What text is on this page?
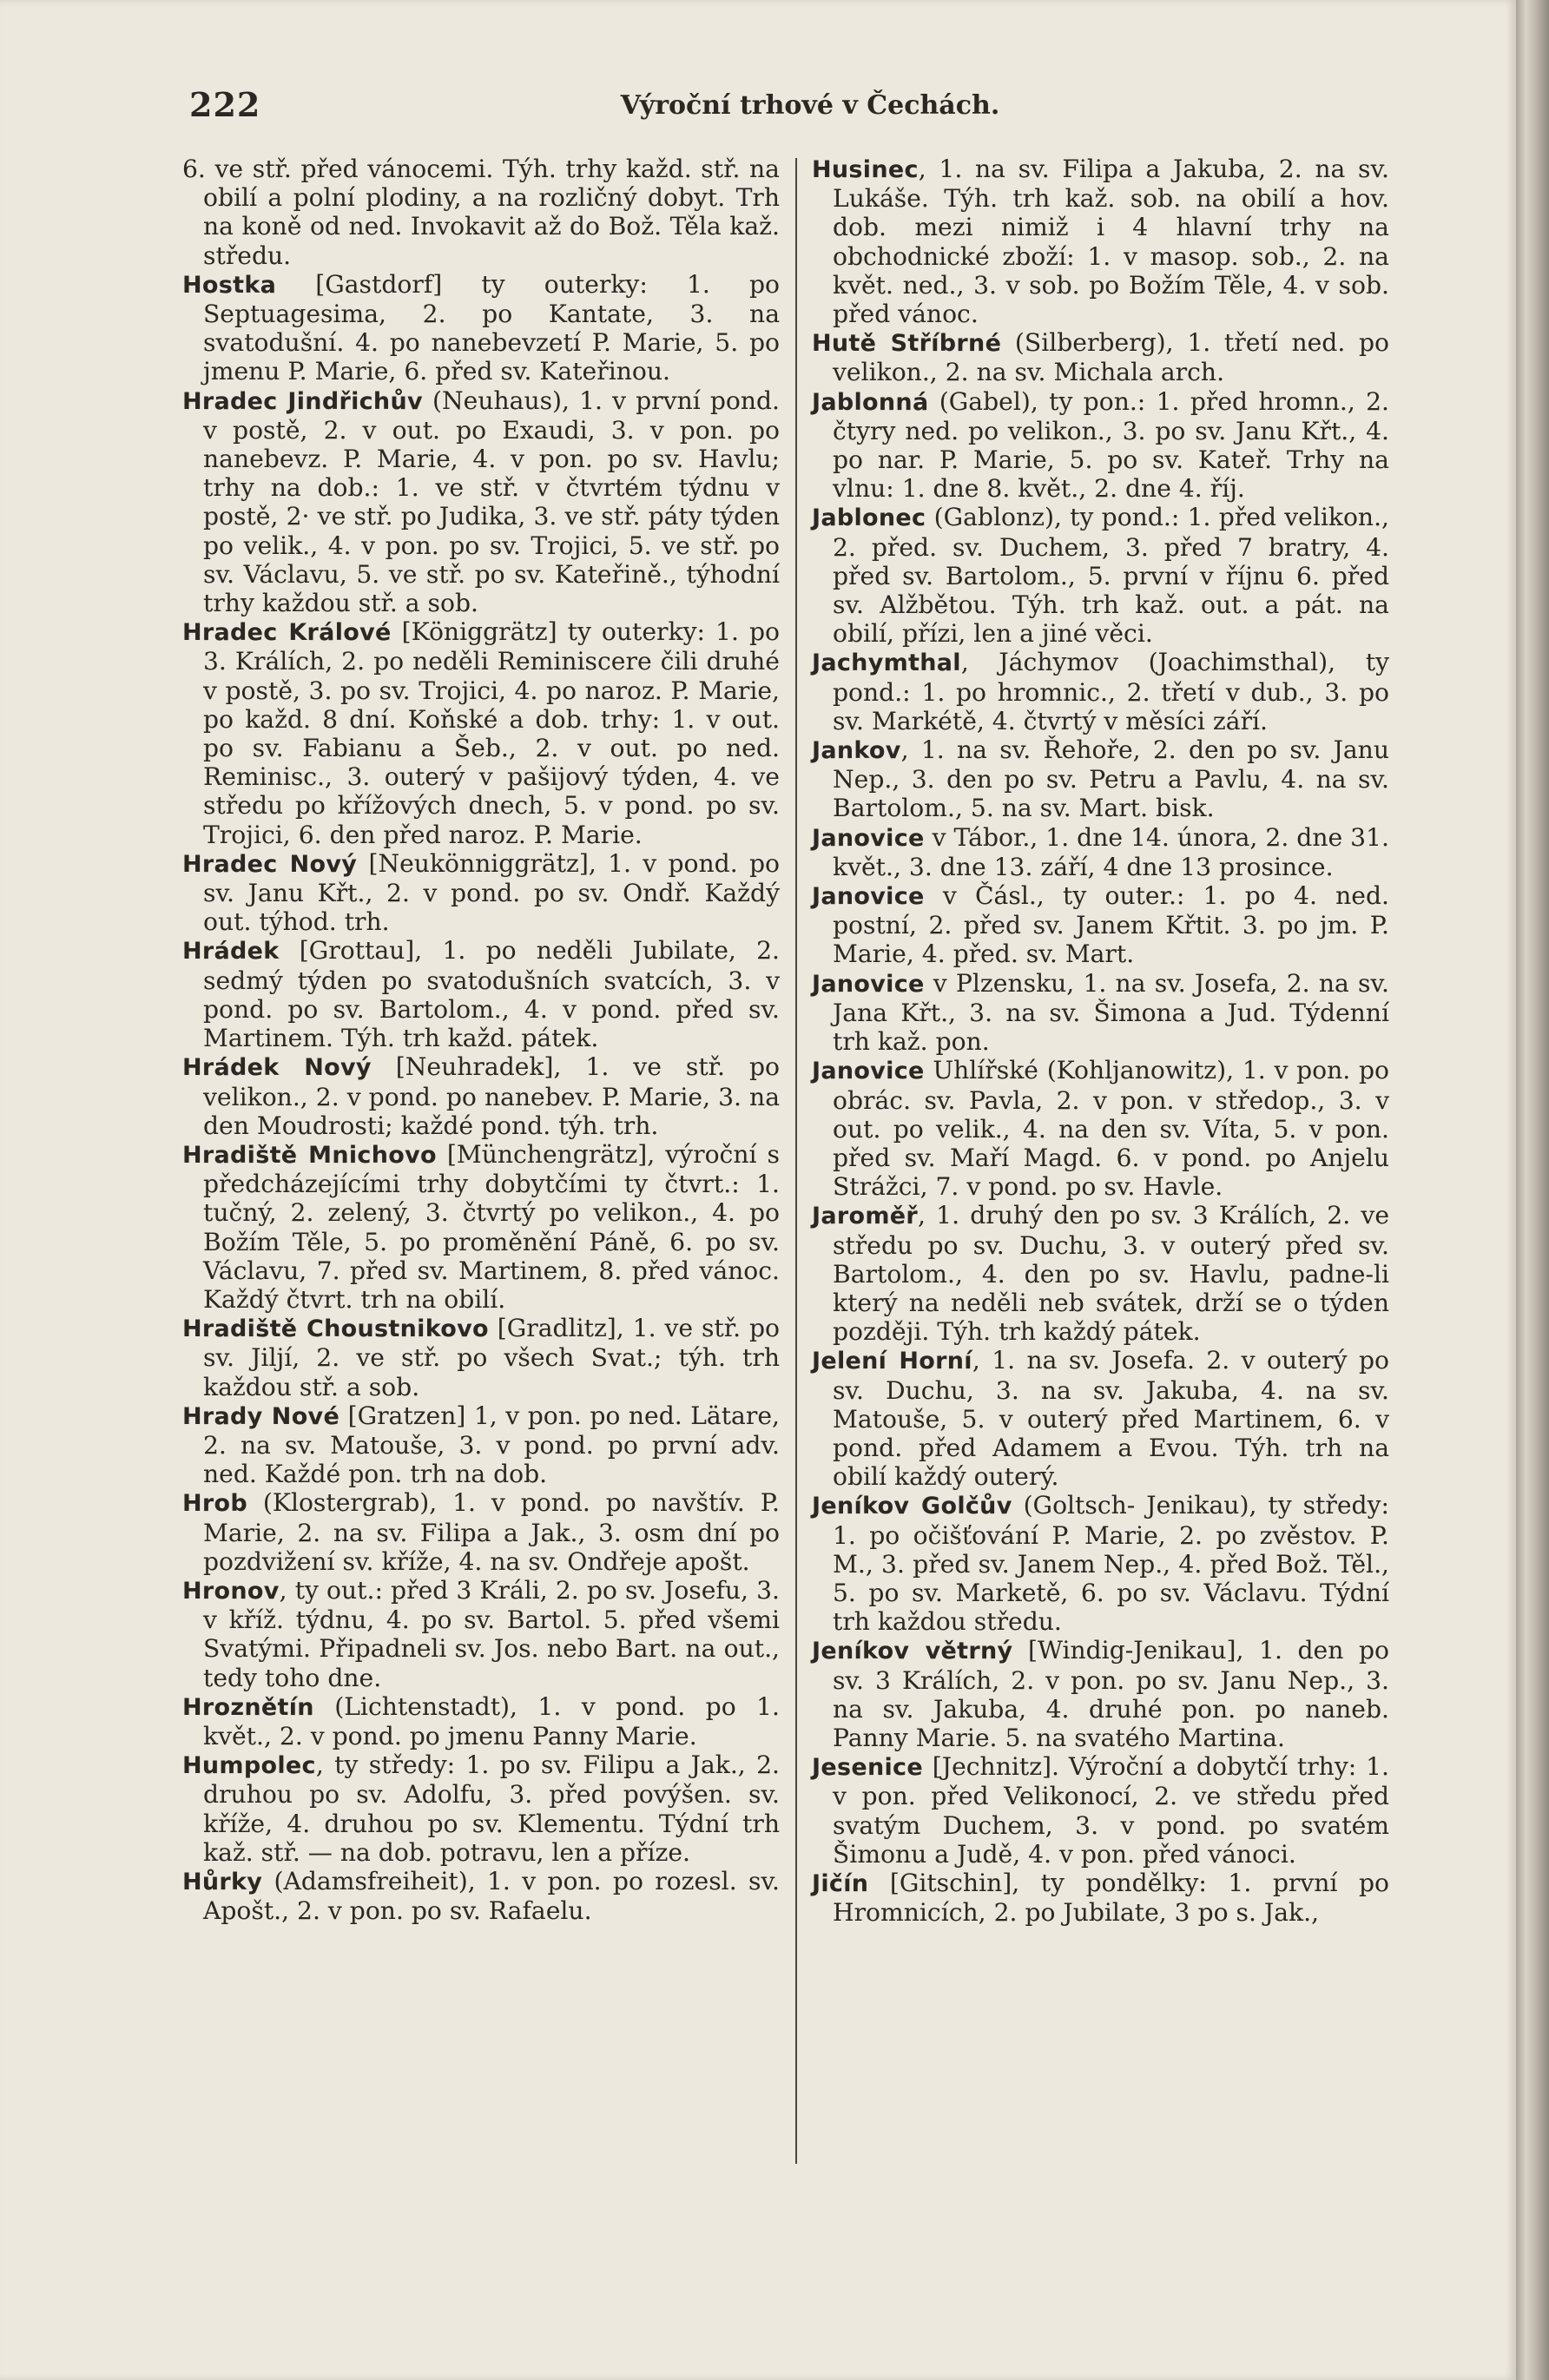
222	Výroční trhové v Čechách.

6. ve stř. před vánocemi. Týh. trhy každ. stř. na obilí a polní plodiny, a na rozličný dobyt. Trh na koně od ned. Invokavit až do Bož. Těla kaž. středu.

Hostka [Gastdorf] ty outerky: 1. po Septuagesima, 2. po Kantate, 3. na svatodušní. 4. po nanebevzetí P. Marie, 5. po jmenu P. Marie, 6. před sv. Kateřinou.

Hradec Jindřichův (Neuhaus), 1. v první pond. v postě, 2. v out. po Exaudi, 3. v pon. po nanebevz. P. Marie, 4. v pon. po sv. Havlu; trhy na dob.: 1. ve stř. v čtvrtém týdnu v postě, 2· ve stř. po Judika, 3. ve stř. páty týden po velik., 4. v pon. po sv. Trojici, 5. ve stř. po sv. Václavu, 5. ve stř. po sv. Kateřině., týhodní trhy každou stř. a sob.

Hradec Králové [Königgrätz] ty outerky: 1. po 3. Králích, 2. po neděli Reminiscere čili druhé v postě, 3. po sv. Trojici, 4. po naroz. P. Marie, po každ. 8 dní. Koňské a dob. trhy: 1. v out. po sv. Fabianu a Šeb., 2. v out. po ned. Reminisc., 3. outerý v pašijový týden, 4. ve středu po křížových dnech, 5. v pond. po sv. Trojici, 6. den před naroz. P. Marie.

Hradec Nový [Neukönniggrätz], 1. v pond. po sv. Janu Křt., 2. v pond. po sv. Ondř. Každý out. týhod. trh.

Hrádek [Grottau], 1. po neděli Jubilate, 2. sedmý týden po svatodušních svatcích, 3. v pond. po sv. Bartolom., 4. v pond. před sv. Martinem. Týh. trh každ. pátek.

Hrádek Nový [Neuhradek], 1. ve stř. po velikon., 2. v pond. po nanebev. P. Marie, 3. na den Moudrosti; každé pond. týh. trh.

Hradiště Mnichovo [Münchengrätz], výroční s předcházejícími trhy dobytčími ty čtvrt.: 1. tučný, 2. zelený, 3. čtvrtý po velikon., 4. po Božím Těle, 5. po proměnění Páně, 6. po sv. Václavu, 7. před sv. Martinem, 8. před vánoc. Každý čtvrt. trh na obilí.

Hradiště Choustnikovo [Gradlitz], 1. ve stř. po sv. Jiljí, 2. ve stř. po všech Svat.; týh. trh každou stř. a sob.

Hrady Nové [Gratzen] 1, v pon. po ned. Lätare, 2. na sv. Matouše, 3. v pond. po první adv. ned. Každé pon. trh na dob.

Hrob (Klostergrab), 1. v pond. po navštív. P. Marie, 2. na sv. Filipa a Jak., 3. osm dní po pozdvižení sv. kříže, 4. na sv. Ondřeje apošt.

Hronov, ty out.: před 3 Králi, 2. po sv. Josefu, 3. v kříž. týdnu, 4. po sv. Bartol. 5. před všemi Svatými. Připadneli sv. Jos. nebo Bart. na out., tedy toho dne.

Hroznětín (Lichtenstadt), 1. v pond. po 1. květ., 2. v pond. po jmenu Panny Marie.

Humpolec, ty středy: 1. po sv. Filipu a Jak., 2. druhou po sv. Adolfu, 3. před povýšen. sv. kříže, 4. druhou po sv. Klementu. Týdní trh kaž. stř. — na dob. potravu, len a příze.

Hůrky (Adamsfreiheit), 1. v pon. po rozesl. sv. Apošt., 2. v pon. po sv. Rafaelu.

Husinec, 1. na sv. Filipa a Jakuba, 2. na sv. Lukáše. Týh. trh kaž. sob. na obilí a hov. dob. mezi nimiž i 4 hlavní trhy na obchodnické zboží: 1. v masop. sob., 2. na květ. ned., 3. v sob. po Božím Těle, 4. v sob. před vánoc.

Hutě Stříbrné (Silberberg), 1. třetí ned. po velikon., 2. na sv. Michala arch.

Jablonná (Gabel), ty pon.: 1. před hromn., 2. čtyry ned. po velikon., 3. po sv. Janu Křt., 4. po nar. P. Marie, 5. po sv. Kateř. Trhy na vlnu: 1. dne 8. květ., 2. dne 4. říj.

Jablonec (Gablonz), ty pond.: 1. před velikon., 2. před. sv. Duchem, 3. před 7 bratry, 4. před sv. Bartolom., 5. první v říjnu 6. před sv. Alžbětou. Týh. trh kaž. out. a pát. na obilí, přízi, len a jiné věci.

Jachymthal, Jáchymov (Joachimsthal), ty pond.: 1. po hromnic., 2. třetí v dub., 3. po sv. Markétě, 4. čtvrtý v měsíci září.

Jankov, 1. na sv. Řehoře, 2. den po sv. Janu Nep., 3. den po sv. Petru a Pavlu, 4. na sv. Bartolom., 5. na sv. Mart. bisk.

Janovice v Tábor., 1. dne 14. února, 2. dne 31. květ., 3. dne 13. září, 4 dne 13 prosince.

Janovice v Čásl., ty outer.: 1. po 4. ned. postní, 2. před sv. Janem Křtit. 3. po jm. P. Marie, 4. před. sv. Mart.

Janovice v Plzensku, 1. na sv. Josefa, 2. na sv. Jana Křt., 3. na sv. Šimona a Jud. Týdenní trh kaž. pon.

Janovice Uhlířské (Kohljanowitz), 1. v pon. po obrác. sv. Pavla, 2. v pon. v středop., 3. v out. po velik., 4. na den sv. Víta, 5. v pon. před sv. Maří Magd. 6. v pond. po Anjelu Strážci, 7. v pond. po sv. Havle.

Jaroměř, 1. druhý den po sv. 3 Králích, 2. ve středu po sv. Duchu, 3. v outerý před sv. Bartolom., 4. den po sv. Havlu, padne-li který na neděli neb svátek, drží se o týden později. Týh. trh každý pátek.

Jelení Horní, 1. na sv. Josefa. 2. v outerý po sv. Duchu, 3. na sv. Jakuba, 4. na sv. Matouše, 5. v outerý před Martinem, 6. v pond. před Adamem a Evou. Týh. trh na obilí každý outerý.

Jeníkov Golčův (Goltsch- Jenikau), ty středy: 1. po očišťování P. Marie, 2. po zvěstov. P. M., 3. před sv. Janem Nep., 4. před Bož. Těl., 5. po sv. Marketě, 6. po sv. Václavu. Týdní trh každou středu.

Jeníkov větrný [Windig-Jenikau], 1. den po sv. 3 Králích, 2. v pon. po sv. Janu Nep., 3. na sv. Jakuba, 4. druhé pon. po naneb. Panny Marie. 5. na svatého Martina.

Jesenice [Jechnitz]. Výroční a dobytčí trhy: 1. v pon. před Velikonocí, 2. ve středu před svatým Duchem, 3. v pond. po svatém Šimonu a Judě, 4. v pon. před vánoci.

Jičín [Gitschin], ty pondělky: 1. první po Hromnicích, 2. po Jubilate, 3 po s. Jak.,
